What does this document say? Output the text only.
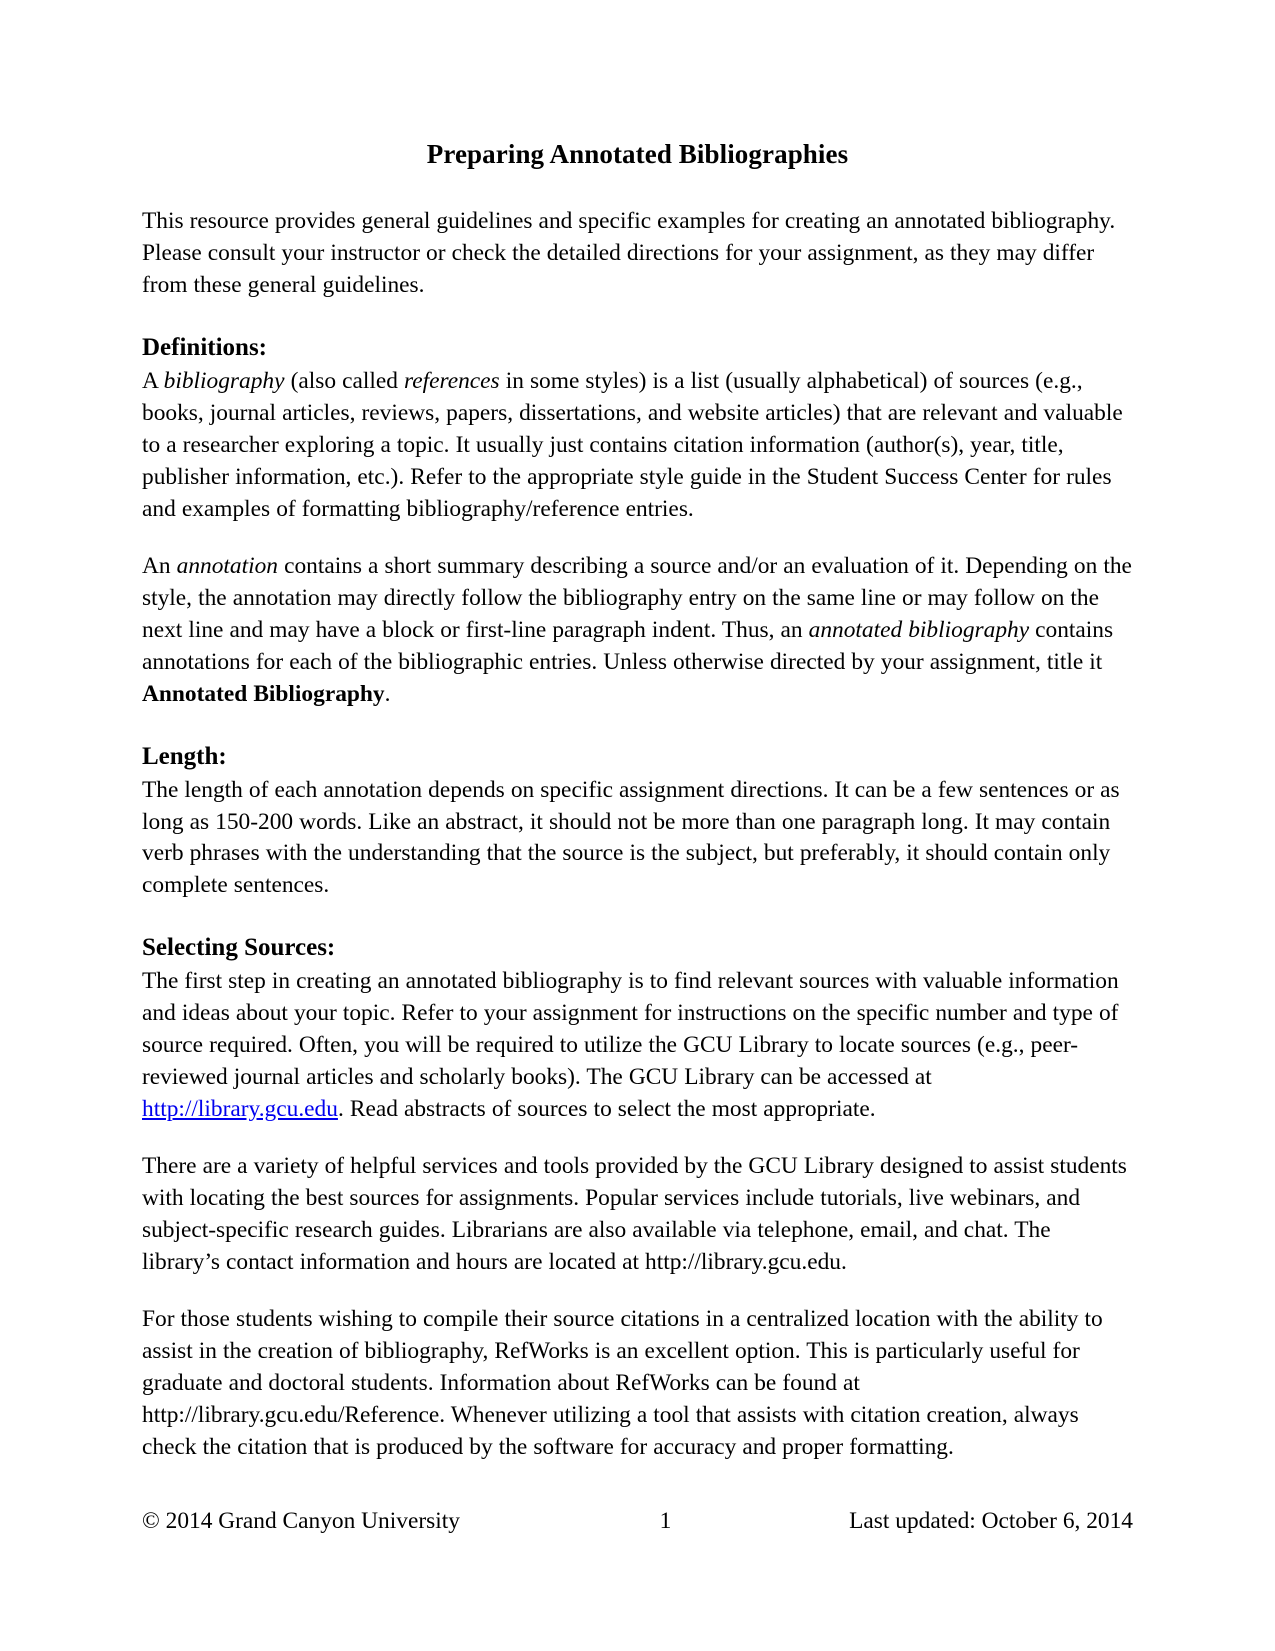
Preparing Annotated Bibliographies

This resource provides general guidelines and specific examples for creating an annotated bibliography. Please consult your instructor or check the detailed directions for your assignment, as they may differ from these general guidelines.

Definitions:

A bibliography (also called references in some styles) is a list (usually alphabetical) of sources (e.g., books, journal articles, reviews, papers, dissertations, and website articles) that are relevant and valuable to a researcher exploring a topic. It usually just contains citation information (author(s), year, title, publisher information, etc.). Refer to the appropriate style guide in the Student Success Center for rules and examples of formatting bibliography/reference entries.

An annotation contains a short summary describing a source and/or an evaluation of it. Depending on the style, the annotation may directly follow the bibliography entry on the same line or may follow on the next line and may have a block or first-line paragraph indent. Thus, an annotated bibliography contains annotations for each of the bibliographic entries. Unless otherwise directed by your assignment, title it Annotated Bibliography.

Length:

The length of each annotation depends on specific assignment directions. It can be a few sentences or as long as 150-200 words. Like an abstract, it should not be more than one paragraph long. It may contain verb phrases with the understanding that the source is the subject, but preferably, it should contain only complete sentences.

Selecting Sources:

The first step in creating an annotated bibliography is to find relevant sources with valuable information and ideas about your topic. Refer to your assignment for instructions on the specific number and type of source required. Often, you will be required to utilize the GCU Library to locate sources (e.g., peer-reviewed journal articles and scholarly books). The GCU Library can be accessed at http://library.gcu.edu. Read abstracts of sources to select the most appropriate.

There are a variety of helpful services and tools provided by the GCU Library designed to assist students with locating the best sources for assignments. Popular services include tutorials, live webinars, and subject-specific research guides. Librarians are also available via telephone, email, and chat. The library’s contact information and hours are located at http://library.gcu.edu.

For those students wishing to compile their source citations in a centralized location with the ability to assist in the creation of bibliography, RefWorks is an excellent option. This is particularly useful for graduate and doctoral students. Information about RefWorks can be found at http://library.gcu.edu/Reference. Whenever utilizing a tool that assists with citation creation, always check the citation that is produced by the software for accuracy and proper formatting.

© 2014 Grand Canyon University	1	Last updated: October 6, 2014
